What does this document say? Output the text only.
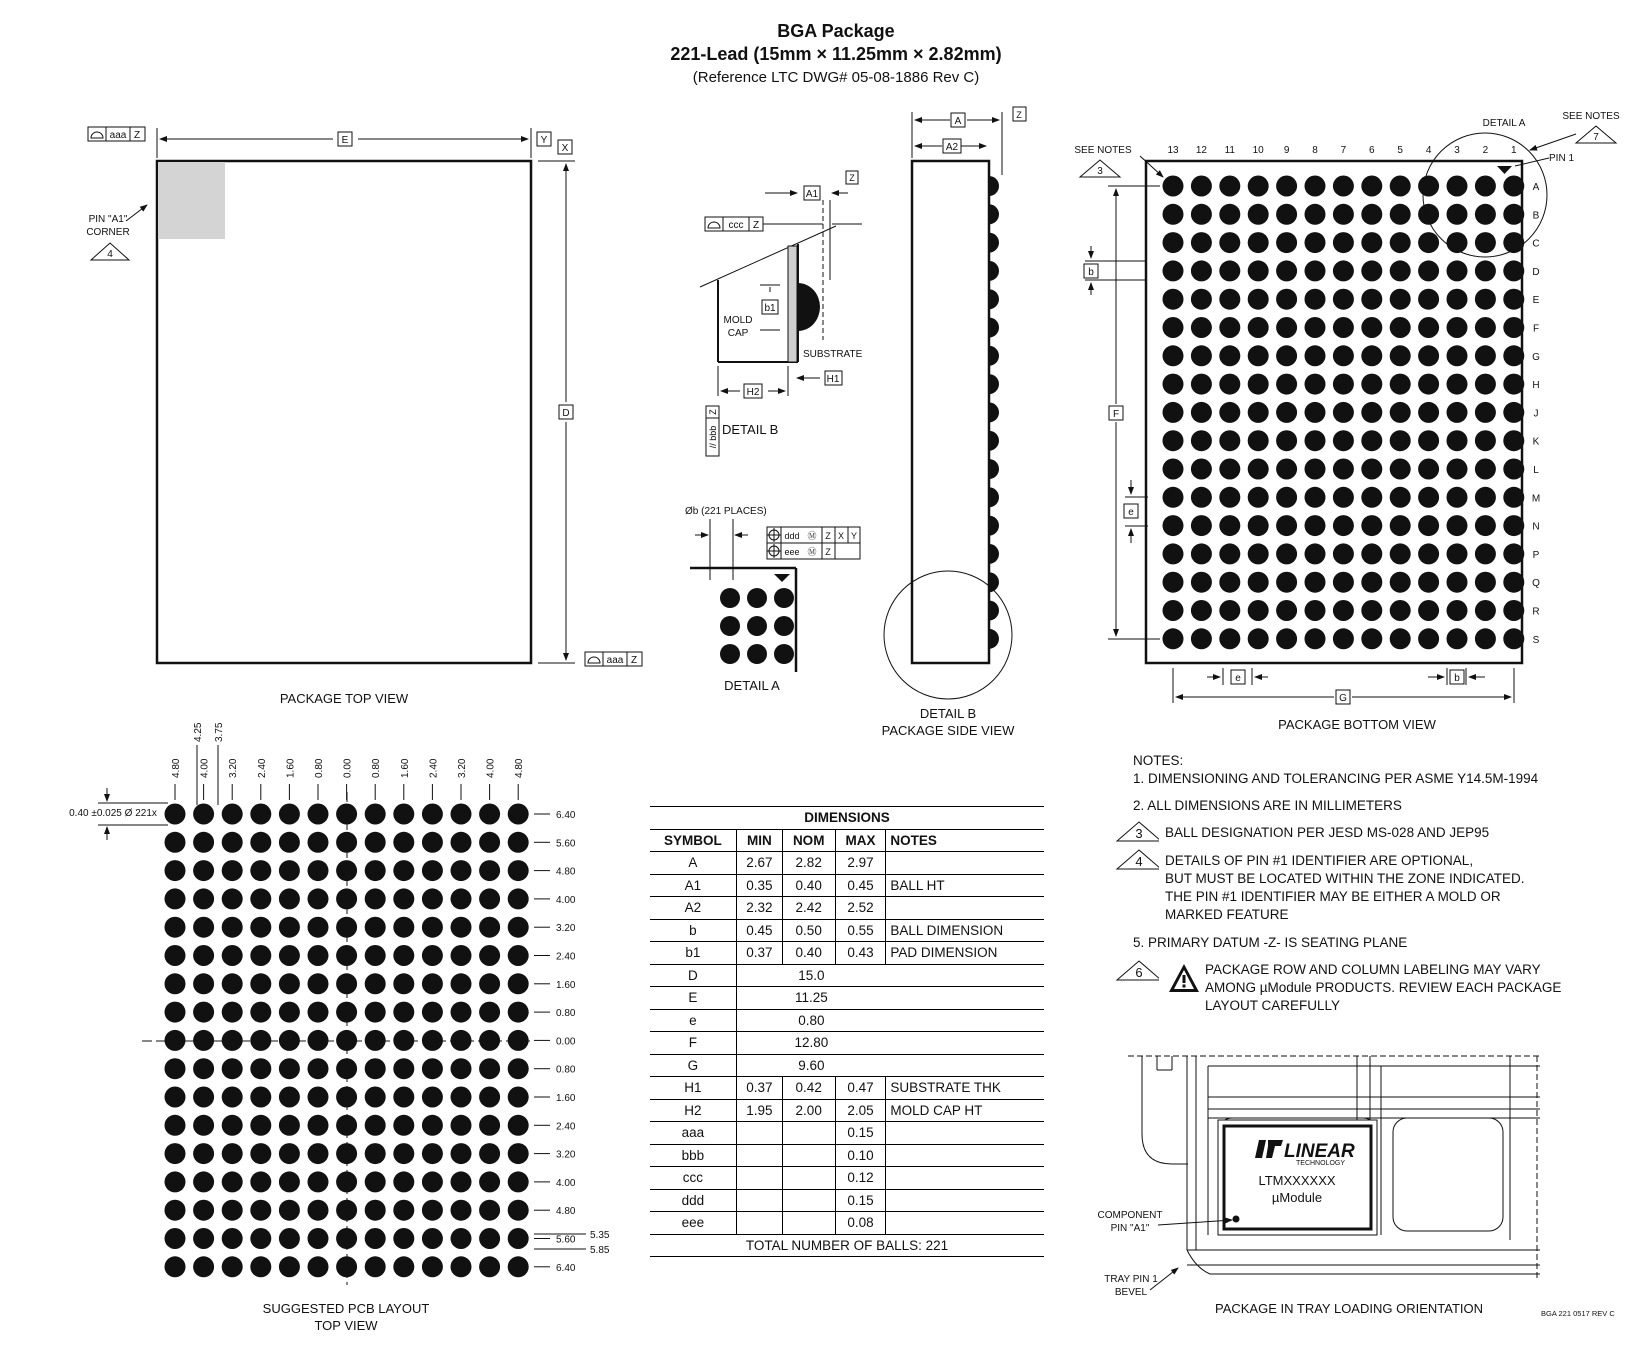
BGA Package
221-Lead (15mm × 11.25mm × 2.82mm)
(Reference LTC DWG# 05-08-1886 Rev C)
E
aaa Z	Y
X
D
aaa Z
PIN "A1"
CORNER
4
PACKAGE TOP VIEW
A1
Z
ccc Z
b1
MOLD
CAP
SUBSTRATE
H1
H2
// bbb
Z
DETAIL B
Øb (221 PLACES)
ddd Ⓜ Z X Y
eee Ⓜ Z
DETAIL A
A
Z
A2
DETAIL B
PACKAGE SIDE VIEW
13 12 11 10 9 8 7 6 5 4 3 2 1
A
B
C
D
E
F
G
H
J
K
L
M
N
P
Q
R
S
DETAIL A
SEE NOTES
7
PIN 1
SEE NOTES
3
b
F
e
e	b
G
PACKAGE BOTTOM VIEW
4.80 4.00 3.20 2.40 1.60 0.80 0.00 0.80 1.60 2.40 3.20 4.00 4.80
4.25 3.75
6.40
5.60
4.80
4.00
3.20
2.40
1.60
0.80
0.00
0.80
1.60
2.40
3.20
4.00
4.80
5.60
6.40
5.35
5.85
0.40 ±0.025 Ø 221x
SUGGESTED PCB LAYOUT
TOP VIEW
LINEAR
TECHNOLOGY
LTMXXXXXX
µModule
COMPONENT
PIN "A1"
TRAY PIN 1
BEVEL
PACKAGE IN TRAY LOADING ORIENTATION	BGA 221 0517 REV C
DIMENSIONS				
SYMBOL	MIN	NOM	MAX	NOTES
A	2.67	2.82	2.97	
A1	0.35	0.40	0.45	BALL HT
A2	2.32	2.42	2.52	
b	0.45	0.50	0.55	BALL DIMENSION
b1	0.37	0.40	0.43	PAD DIMENSION
D	15.0			
E	11.25			
e	0.80			
F	12.80			
G	9.60			
H1	0.37	0.42	0.47	SUBSTRATE THK
H2	1.95	2.00	2.05	MOLD CAP HT
aaa			0.15	
bbb			0.10	
ccc			0.12	
ddd			0.15	
eee			0.08	
TOTAL NUMBER OF BALLS: 221				
NOTES:
1. DIMENSIONING AND TOLERANCING PER ASME Y14.5M-1994
2. ALL DIMENSIONS ARE IN MILLIMETERS
3 BALL DESIGNATION PER JESD MS-028 AND JEP95
4 DETAILS OF PIN #1 IDENTIFIER ARE OPTIONAL,
BUT MUST BE LOCATED WITHIN THE ZONE INDICATED.
THE PIN #1 IDENTIFIER MAY BE EITHER A MOLD OR
MARKED FEATURE
5. PRIMARY DATUM -Z- IS SEATING PLANE
6	PACKAGE ROW AND COLUMN LABELING MAY VARY
AMONG µModule PRODUCTS. REVIEW EACH PACKAGE
LAYOUT CAREFULLY
